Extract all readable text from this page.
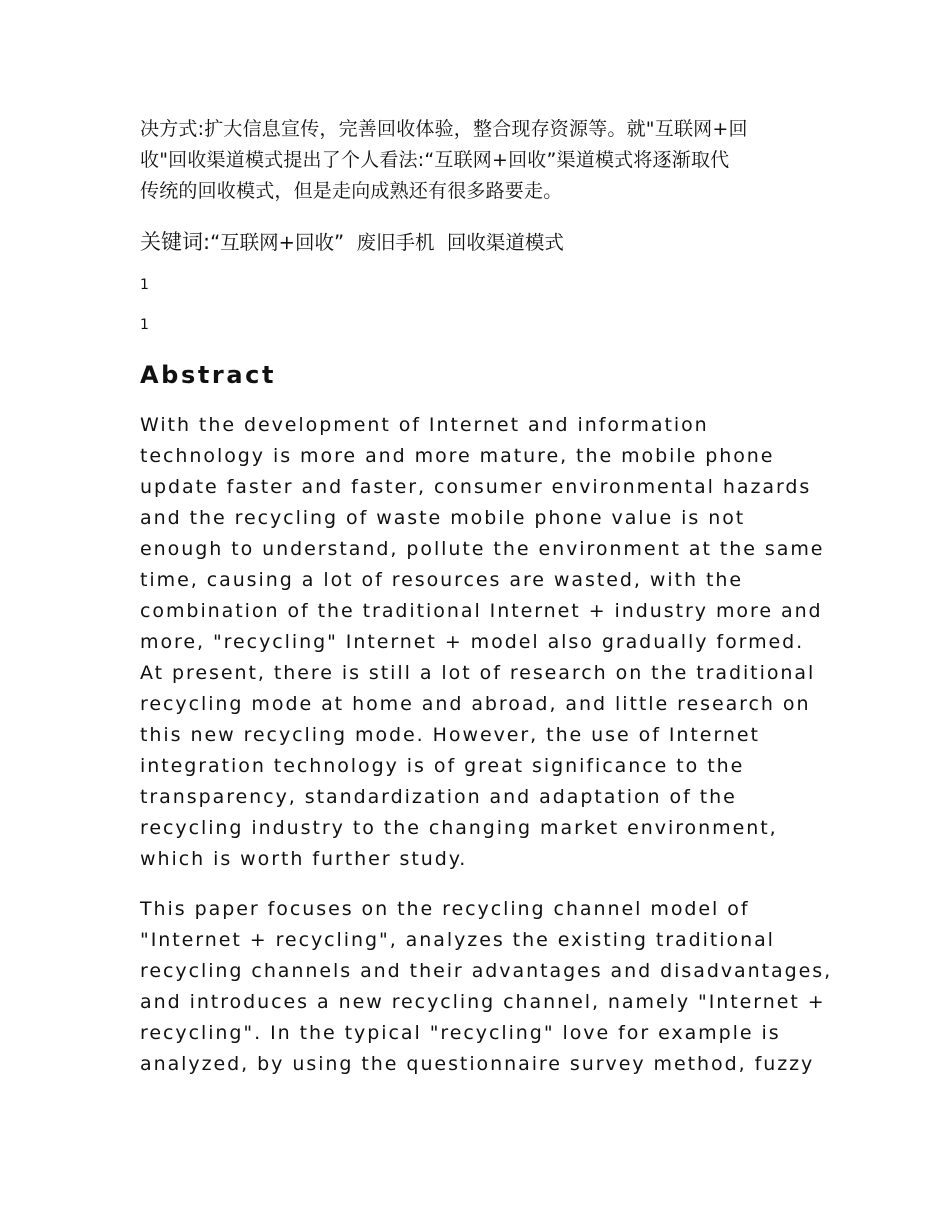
决方式:扩大信息宣传，完善回收体验，整合现存资源等。就"互联网+回
收"回收渠道模式提出了个人看法:“互联网+回收”渠道模式将逐渐取代
传统的回收模式，但是走向成熟还有很多路要走。

关键词:“互联网+回收”  废旧手机  回收渠道模式

1

1

Abstract

With the development of Internet and information
technology is more and more mature, the mobile phone
update faster and faster, consumer environmental hazards
and the recycling of waste mobile phone value is not
enough to understand, pollute the environment at the same
time, causing a lot of resources are wasted, with the
combination of the traditional Internet + industry more and
more, "recycling" Internet + model also gradually formed.
At present, there is still a lot of research on the traditional
recycling mode at home and abroad, and little research on
this new recycling mode. However, the use of Internet
integration technology is of great significance to the
transparency, standardization and adaptation of the
recycling industry to the changing market environment,
which is worth further study.

This paper focuses on the recycling channel model of
"Internet + recycling", analyzes the existing traditional
recycling channels and their advantages and disadvantages,
and introduces a new recycling channel, namely "Internet +
recycling". In the typical "recycling" love for example is
analyzed, by using the questionnaire survey method, fuzzy
